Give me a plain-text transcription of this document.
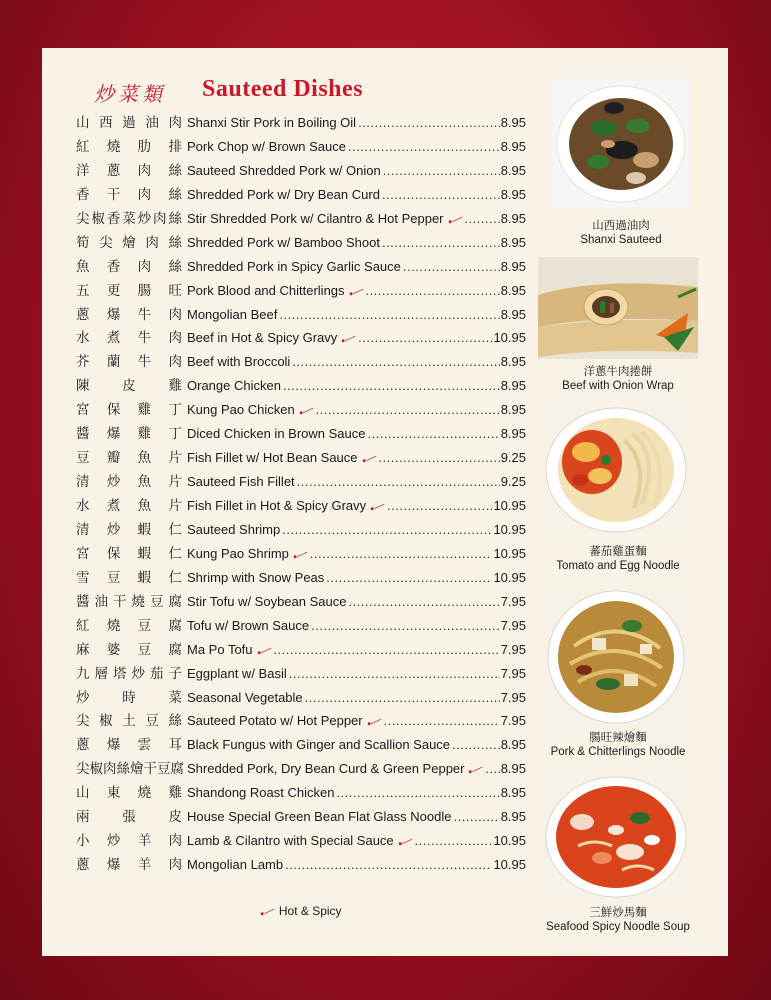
炒菜類 Sauteed Dishes
山 西 過 油 肉 Shanxi Stir Pork in Boiling Oil .....	8.95
紅 燒 肋 排 Pork Chop w/ Brown Sauce .....	8.95
洋 蔥 肉 絲 Sauteed Shredded Pork w/ Onion .....	8.95
香 干 肉 絲 Shredded Pork w/ Dry Bean Curd .....	8.95
尖 椒 香 菜 炒 肉 絲 Stir Shredded Pork w/ Cilantro & Hot Pepper •― .....	8.95
筍 尖 燴 肉 絲 Shredded Pork w/ Bamboo Shoot .....	8.95
魚 香 肉 絲 Shredded Pork in Spicy Garlic Sauce .....	8.95
五 更 腸 旺 Pork Blood and Chitterlings •― .....	8.95
蔥 爆 牛 肉 Mongolian Beef .....	8.95
水 煮 牛 肉 Beef in Hot & Spicy Gravy •― .....	10.95
芥 蘭 牛 肉 Beef with Broccoli .....	8.95
陳 皮 雞 Orange Chicken .....	8.95
宮 保 雞 丁 Kung Pao Chicken •― .....	8.95
醬 爆 雞 丁 Diced Chicken in Brown Sauce .....	8.95
豆 瓣 魚 片 Fish Fillet w/ Hot Bean Sauce •― .....	9.25
清 炒 魚 片 Sauteed Fish Fillet .....	9.25
水 煮 魚 片 Fish Fillet in Hot & Spicy Gravy •― .....	10.95
清 炒 蝦 仁 Sauteed Shrimp .....	10.95
宮 保 蝦 仁 Kung Pao Shrimp •― .....	10.95
雪 豆 蝦 仁 Shrimp with Snow Peas .....	10.95
醬 油 干 燒 豆 腐 Stir Tofu w/ Soybean Sauce .....	7.95
紅 燒 豆 腐 Tofu w/ Brown Sauce .....	7.95
麻 婆 豆 腐 Ma Po Tofu •― .....	7.95
九 層 塔 炒 茄 子 Eggplant w/ Basil .....	7.95
炒 時 菜 Seasonal Vegetable .....	7.95
尖 椒 土 豆 絲 Sauteed Potato w/ Hot Pepper •― .....	7.95
蔥 爆 雲 耳 Black Fungus with Ginger and Scallion Sauce .....	8.95
尖 椒 肉 絲 燴 干 豆 腐 Shredded Pork, Dry Bean Curd & Green Pepper •― ..... 8.95
山 東 燒 雞 Shandong Roast Chicken .....	8.95
兩 張 皮 House Special Green Bean Flat Glass Noodle .....	8.95
小 炒 羊 肉 Lamb & Cilantro with Special Sauce •― .....	10.95
蔥 爆 羊 肉 Mongolian Lamb .....	10.95
•― Hot & Spicy
山西過油肉
Shanxi Sauteed
洋蔥牛肉捲餅
Beef with Onion Wrap
蕃茄雞蛋麵
Tomato and Egg Noodle
腸旺辣燴麵
Pork & Chitterlings Noodle
三鮮炒馬麵
Seafood Spicy Noodle Soup
